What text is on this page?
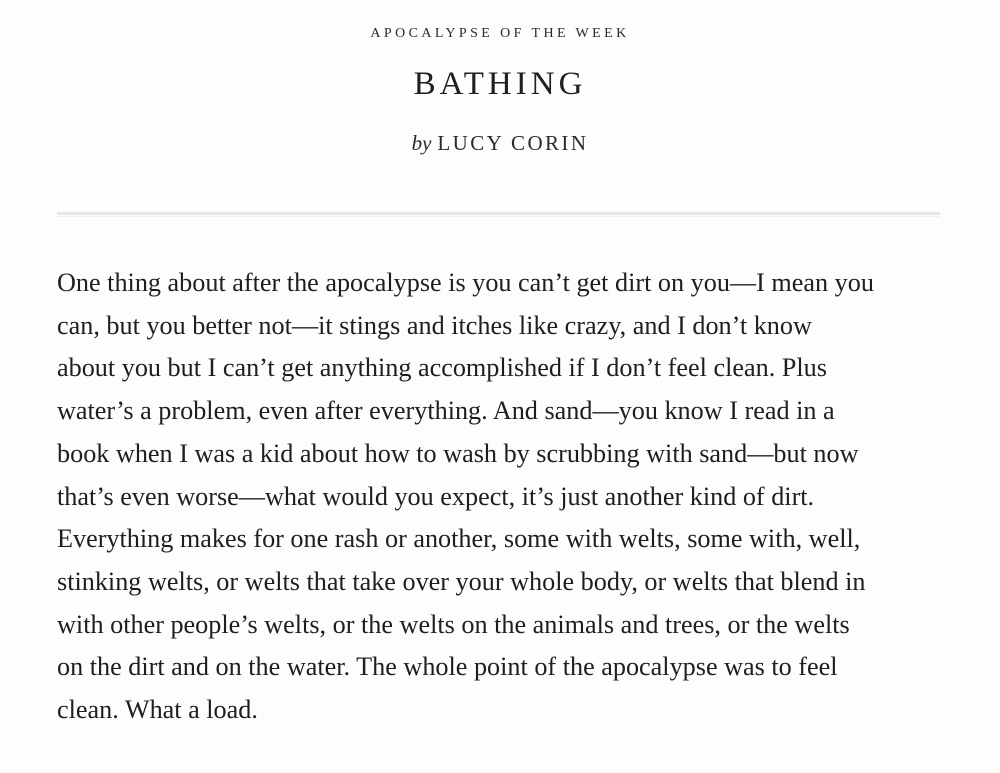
APOCALYPSE OF THE WEEK
BATHING
by LUCY CORIN
One thing about after the apocalypse is you can’t get dirt on you—I mean you
can, but you better not—it stings and itches like crazy, and I don’t know
about you but I can’t get anything accomplished if I don’t feel clean. Plus
water’s a problem, even after everything. And sand—you know I read in a
book when I was a kid about how to wash by scrubbing with sand—but now
that’s even worse—what would you expect, it’s just another kind of dirt.
Everything makes for one rash or another, some with welts, some with, well,
stinking welts, or welts that take over your whole body, or welts that blend in
with other people’s welts, or the welts on the animals and trees, or the welts
on the dirt and on the water. The whole point of the apocalypse was to feel
clean. What a load.
